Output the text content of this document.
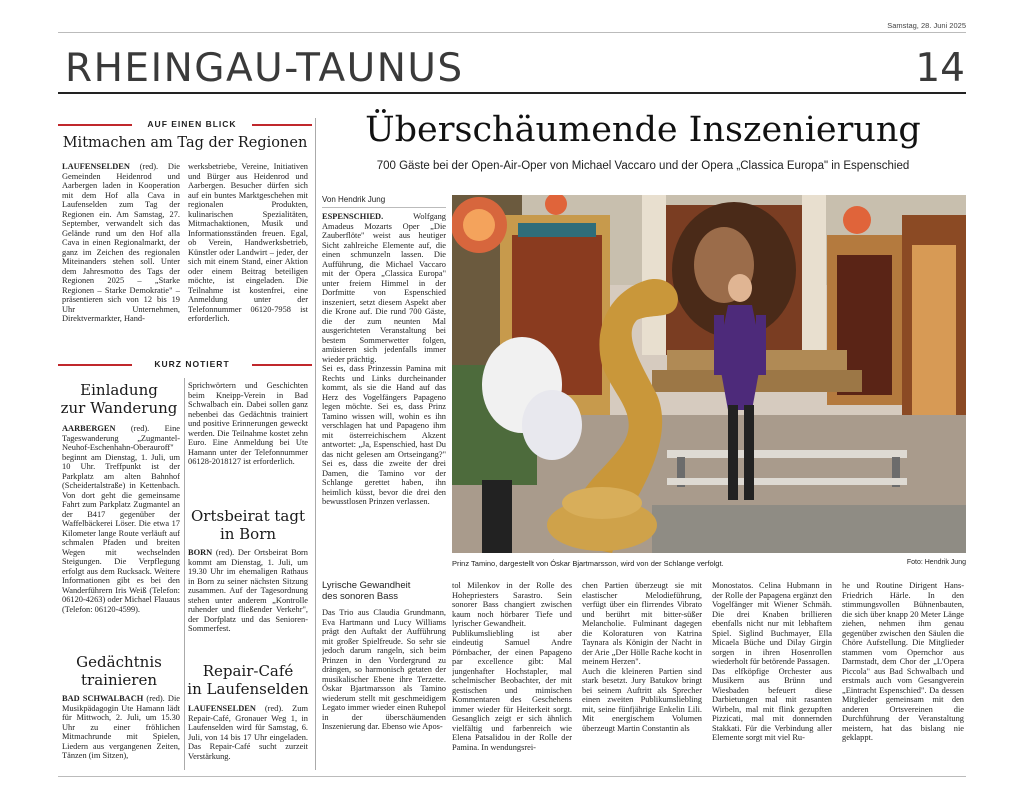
Samstag, 28. Juni 2025
RHEINGAU-TAUNUS	14
AUF EINEN BLICK
Mitmachen am Tag der Regionen
LAUFENSELDEN (red). Die Gemeinden Heidenrod und Aarbergen laden in Kooperation mit dem Hof alla Cava in Laufenselden zum Tag der Regionen ein. Am Samstag, 27. September, verwandelt sich das Gelände rund um den Hof alla Cava in einen Regionalmarkt, der ganz im Zeichen des regionalen Miteinanders stehen soll. Unter dem Jahresmotto des Tags der Regionen 2025 – „Starke Regionen – Starke Demokratie" – präsentieren sich von 12 bis 19 Uhr Unternehmen, Direktvermarkter, Hand-
werksbetriebe, Vereine, Initiativen und Bürger aus Heidenrod und Aarbergen. Besucher dürfen sich auf ein buntes Marktgeschehen mit regionalen Produkten, kulinarischen Spezialitäten, Mitmachaktionen, Musik und Informationsständen freuen. Egal, ob Verein, Handwerksbetrieb, Künstler oder Landwirt – jeder, der sich mit einem Stand, einer Aktion oder einem Beitrag beteiligen möchte, ist eingeladen. Die Teilnahme ist kostenfrei, eine Anmeldung unter der Telefonnummer 06120-7958 ist erforderlich.
KURZ NOTIERT
Einladung
zur Wanderung
AARBERGEN (red). Eine Tageswanderung „Zugmantel-Neuhof-Eschenhahn-Oberauroff" beginnt am Dienstag, 1. Juli, um 10 Uhr. Treffpunkt ist der Parkplatz am alten Bahnhof (Scheidertalstraße) in Kettenbach. Von dort geht die gemeinsame Fahrt zum Parkplatz Zugmantel an der B417 gegenüber der Waffelbäckerei Löser. Die etwa 17 Kilometer lange Route verläuft auf schmalen Pfaden und breiten Wegen mit wechselnden Steigungen. Die Verpflegung erfolgt aus dem Rucksack. Weitere Informationen gibt es bei den Wanderführern Iris Weiß (Telefon: 06120-4263) oder Michael Flauaus (Telefon: 06120-4599).
Gedächtnis
trainieren
BAD SCHWALBACH (red). Die Musikpädagogin Ute Hamann lädt für Mittwoch, 2. Juli, um 15.30 Uhr zu einer fröhlichen Mitmachrunde mit Spielen, Liedern aus vergangenen Zeiten, Tänzen (im Sitzen),
Sprichwörtern und Geschichten beim Kneipp-Verein in Bad Schwalbach ein. Dabei sollen ganz nebenbei das Gedächtnis trainiert und positive Erinnerungen geweckt werden. Die Teilnahme kostet zehn Euro. Eine Anmeldung bei Ute Hamann unter der Telefonnummer 06128-2018127 ist erforderlich.
Ortsbeirat tagt
in Born
BORN (red). Der Ortsbeirat Born kommt am Dienstag, 1. Juli, um 19.30 Uhr im ehemaligen Rathaus in Born zu seiner nächsten Sitzung zusammen. Auf der Tagesordnung stehen unter anderem „Kontrolle ruhender und fließender Verkehr", der Dorfplatz und das Senioren-Sommerfest.
Repair-Café
in Laufenselden
LAUFENSELDEN (red). Zum Repair-Café, Gronauer Weg 1, in Laufenselden wird für Samstag, 6. Juli, von 14 bis 17 Uhr eingeladen. Das Repair-Café sucht zurzeit Verstärkung.
Überschäumende Inszenierung
700 Gäste bei der Open-Air-Oper von Michael Vaccaro und der Opera „Classica Europa" in Espenschied
Von Hendrik Jung
ESPENSCHIED.	Wolfgang Amadeus Mozarts Oper „Die Zauberflöte" weist aus heutiger Sicht zahlreiche Elemente auf, die einen schmunzeln lassen. Die Aufführung, die Michael Vaccaro mit der Opera „Classica Europa" unter freiem Himmel in der Dorfmitte von Espenschied inszeniert, setzt diesem Aspekt aber die Krone auf. Die rund 700 Gäste, die der zum neunten Mal ausgerichteten Veranstaltung bei bestem Sommerwetter folgen, amüsieren sich jedenfalls immer wieder prächtig.
Sei es, dass Prinzessin Pamina mit Rechts und Links durcheinander kommt, als sie die Hand auf das Herz des Vogelfängers Papageno legen möchte. Sei es, dass Prinz Tamino wissen will, wohin es ihn verschlagen hat und Papageno ihm mit österreichischem Akzent antwortet: „Ja, Espenschied, hast Du das nicht gelesen am Ortseingang?" Sei es, dass die zweite der drei Damen, die Tamino vor der Schlange gerettet haben, ihn heimlich küsst, bevor die drei den bewusstlosen Prinzen verlassen.
Prinz Tamino, dargestellt von Óskar Bjartmarsson, wird von der Schlange verfolgt.	Foto: Hendrik Jung
Lyrische Gewandheit
des sonoren Bass
Das Trio aus Claudia Grundmann, Eva Hartmann und Lucy Williams prägt den Auftakt der Aufführung mit großer Spielfreude. So sehr sie jedoch darum rangeln, sich beim Prinzen in den Vordergrund zu drängen, so harmonisch getaten der musikalischer Ebene ihre Terzette. Óskar Bjartmarsson als Tamino wiederum stellt mit geschmeidigem Legato immer wieder einen Ruhepol in der überschäumenden Inszenierung dar. Ebenso wie Apos-
tol Milenkov in der Rolle des Hohepriesters Sarastro. Sein sonorer Bass changiert zwischen kaum noch hörbarer Tiefe und lyrischer Gewandheit.
Publikumsliebling ist aber eindeutig Samuel Andre Pörnbacher, der einen Papageno par excellence gibt: Mal jungenhafter Hochstapler, mal schelmischer Beobachter, der mit gestischen und mimischen Kommentaren des Geschehens immer wieder für Heiterkeit sorgt. Gesanglich zeigt er sich ähnlich vielfältig und farbenreich wie Elena Patsalidou in der Rolle der Pamina. In wendungsrei-
chen Partien überzeugt sie mit elastischer Melodieführung, verfügt über ein flirrendes Vibrato und berührt mit bitter-süßer Melancholie. Fulminant dagegen die Koloraturen von Katrina Taynara als Königin der Nacht in der Arie „Der Hölle Rache kocht in meinem Herzen".
Auch die kleineren Partien sind stark besetzt. Jury Batukov bringt bei seinem Auftritt als Sprecher einen zweiten Publikumsliebling mit, seine fünfjährige Enkelin Lili. Mit energischem Volumen überzeugt Martin Constantin als
Monostatos. Celina Hubmann in der Rolle der Papagena ergänzt den Vogelfänger mit Wiener Schmäh. Die drei Knaben brillieren ebenfalls nicht nur mit lebhaftem Spiel. Siglind Buchmayer, Ella Micaela Büche und Dilay Girgin sorgen in ihren Hosenrollen wiederholt für betörende Passagen.
Das elfköpfige Orchester aus Musikern aus Brünn und Wiesbaden befeuert diese Darbietungen mal mit rasanten Wirbeln, mal mit flink gezupften Pizzicati, mal mit donnernden Stakkati. Für die Verbindung aller Elemente sorgt mit viel Ru-
he und Routine Dirigent Hans-Friedrich Härle. In den stimmungsvollen Bühnenbauten, die sich über knapp 20 Meter Länge ziehen, nehmen ihm genau gegenüber zwischen den Säulen die Chöre Aufstellung. Die Mitglieder stammen vom Opernchor aus Darmstadt, dem Chor der „L'Opera Piccola" aus Bad Schwalbach und erstmals auch vom Gesangverein „Eintracht Espenschied". Da dessen Mitglieder gemeinsam mit den anderen Ortsvereinen die Durchführung der Veranstaltung meistern, hat das bislang nie geklappt.
